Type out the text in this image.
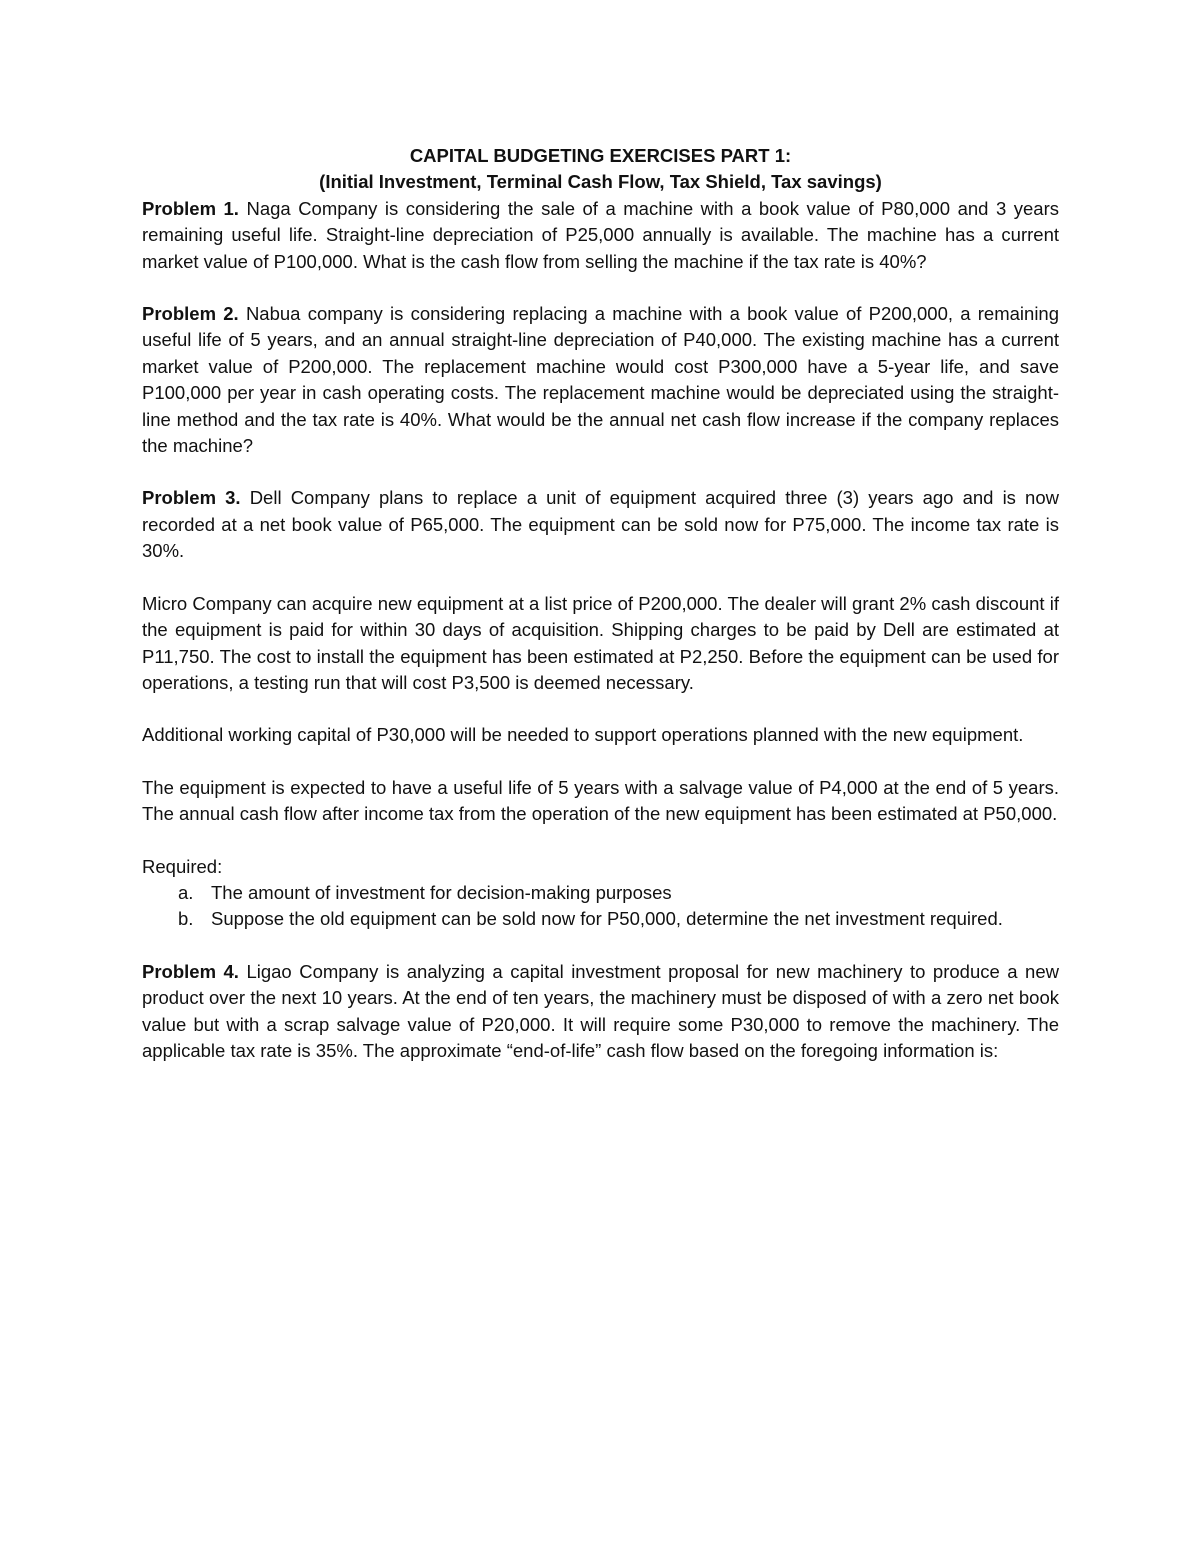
CAPITAL BUDGETING EXERCISES PART 1:

(Initial Investment, Terminal Cash Flow, Tax Shield, Tax savings)

Problem 1. Naga Company is considering the sale of a machine with a book value of P80,000 and 3 years remaining useful life. Straight-line depreciation of P25,000 annually is available. The machine has a current market value of P100,000. What is the cash flow from selling the machine if the tax rate is 40%?

Problem 2. Nabua company is considering replacing a machine with a book value of P200,000, a remaining useful life of 5 years, and an annual straight-line depreciation of P40,000. The existing machine has a current market value of P200,000. The replacement machine would cost P300,000 have a 5-year life, and save P100,000 per year in cash operating costs. The replacement machine would be depreciated using the straight-line method and the tax rate is 40%. What would be the annual net cash flow increase if the company replaces the machine?

Problem 3. Dell Company plans to replace a unit of equipment acquired three (3) years ago and is now recorded at a net book value of P65,000. The equipment can be sold now for P75,000. The income tax rate is 30%.

Micro Company can acquire new equipment at a list price of P200,000. The dealer will grant 2% cash discount if the equipment is paid for within 30 days of acquisition. Shipping charges to be paid by Dell are estimated at P11,750. The cost to install the equipment has been estimated at P2,250. Before the equipment can be used for operations, a testing run that will cost P3,500 is deemed necessary.

Additional working capital of P30,000 will be needed to support operations planned with the new equipment.

The equipment is expected to have a useful life of 5 years with a salvage value of P4,000 at the end of 5 years. The annual cash flow after income tax from the operation of the new equipment has been estimated at P50,000.

Required:

a. The amount of investment for decision-making purposes
b. Suppose the old equipment can be sold now for P50,000, determine the net investment required.

Problem 4. Ligao Company is analyzing a capital investment proposal for new machinery to produce a new product over the next 10 years. At the end of ten years, the machinery must be disposed of with a zero net book value but with a scrap salvage value of P20,000. It will require some P30,000 to remove the machinery. The applicable tax rate is 35%. The approximate “end-of-life” cash flow based on the foregoing information is:
